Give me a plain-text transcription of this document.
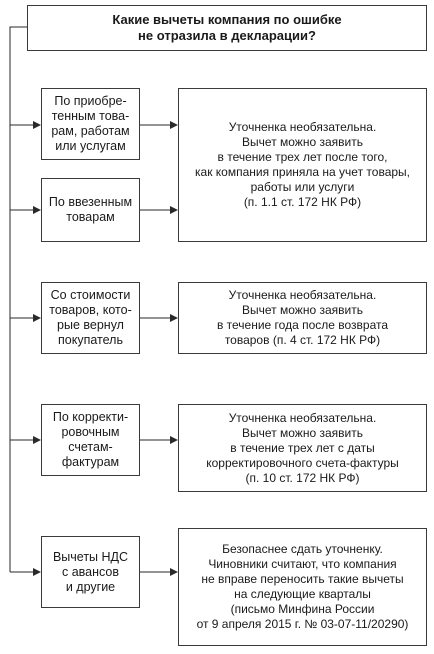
Какие вычеты компания по ошибке
не отразила в декларации?
По приобре-
тенным това-
рам, работам
или услугам
По ввезенным
товарам
Со стоимости
товаров, кото-
рые вернул
покупатель
По корректи-
ровочным
счетам-
фактурам
Вычеты НДС
с авансов
и другие
Уточненка необязательна.
Вычет можно заявить
в течение трех лет после того,
как компания приняла на учет товары,
работы или услуги
(п. 1.1 ст. 172 НК РФ)
Уточненка необязательна.
Вычет можно заявить
в течение года после возврата
товаров (п. 4 ст. 172 НК РФ)
Уточненка необязательна.
Вычет можно заявить
в течение трех лет с даты
корректировочного счета-фактуры
(п. 10 ст. 172 НК РФ)
Безопаснее сдать уточненку.
Чиновники считают, что компания
не вправе переносить такие вычеты
на следующие кварталы
(письмо Минфина России
от 9 апреля 2015 г. № 03-07-11/20290)
